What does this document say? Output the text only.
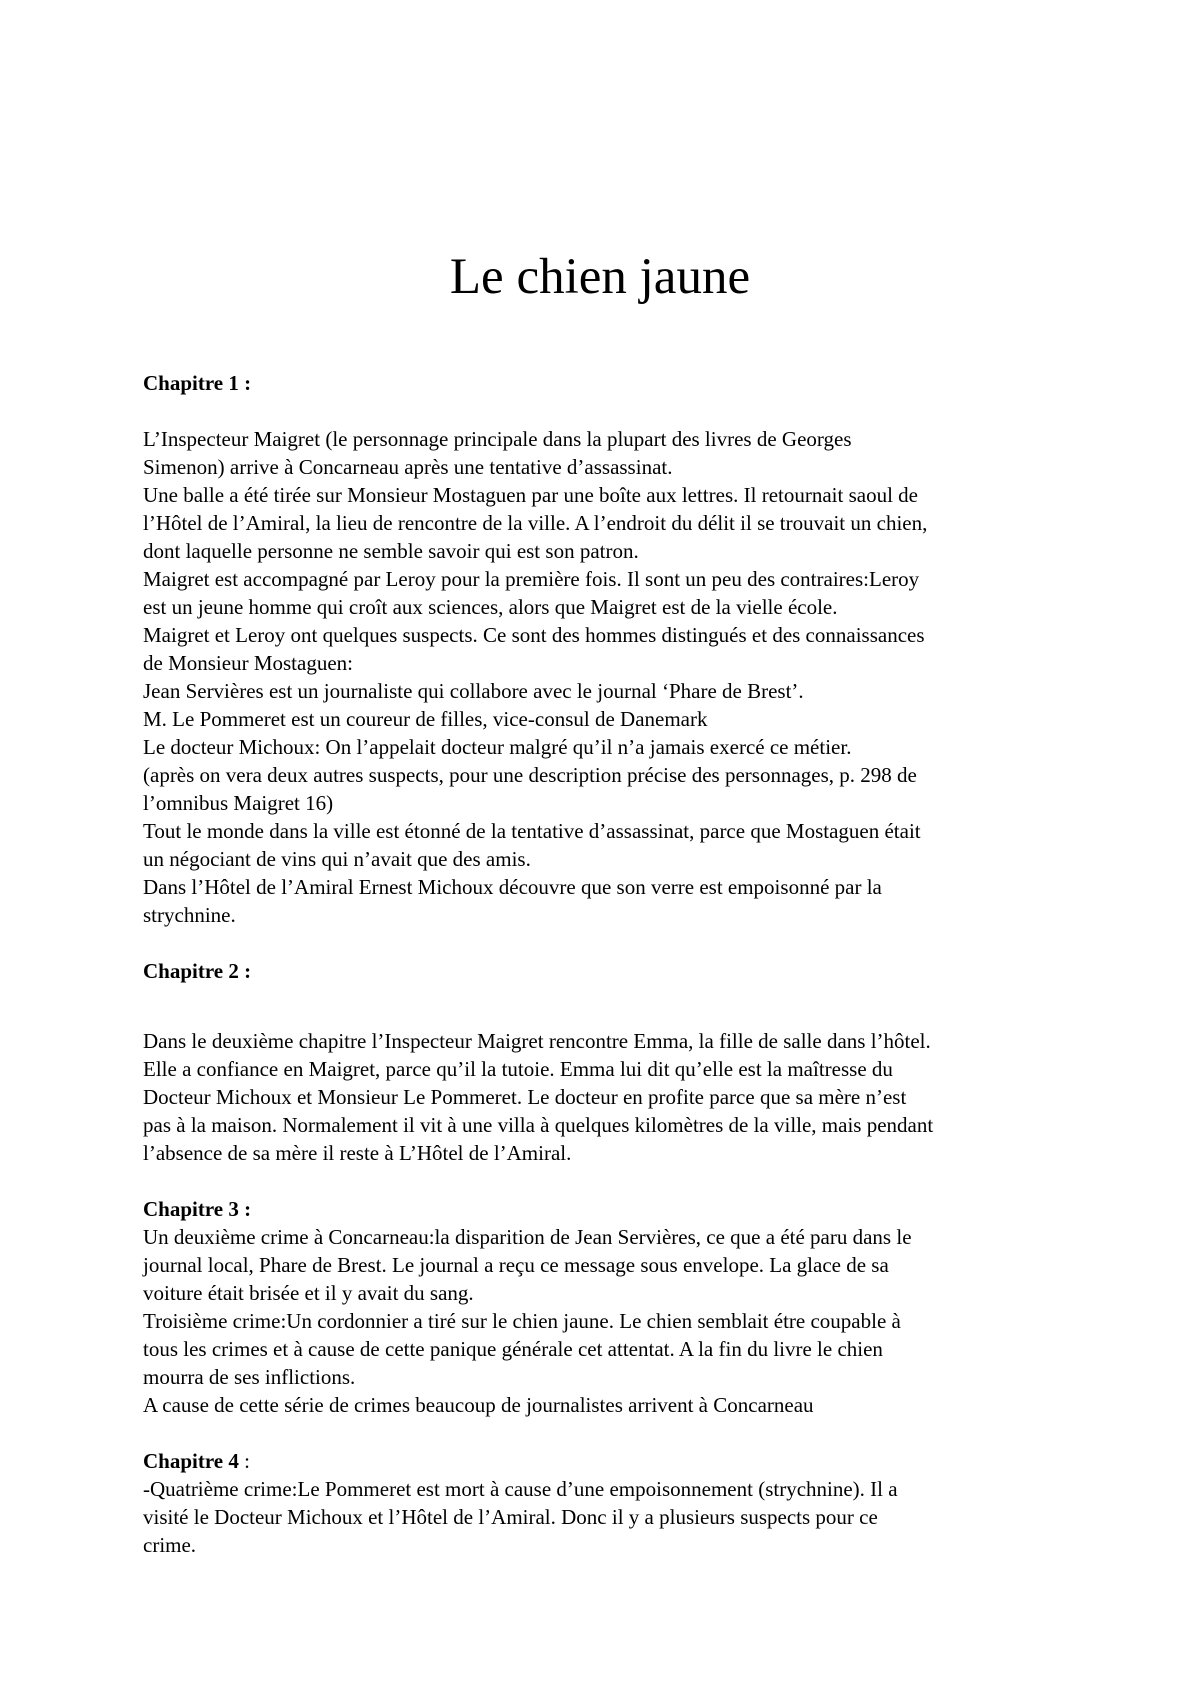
Le chien jaune
Chapitre 1 :
L’Inspecteur Maigret (le personnage principale dans la plupart des livres de Georges
Simenon) arrive à Concarneau après une tentative d’assassinat.
Une balle a été tirée sur Monsieur Mostaguen par une boîte aux lettres. Il retournait saoul de
l’Hôtel de l’Amiral, la lieu de rencontre de la ville. A l’endroit du délit il se trouvait un chien,
dont laquelle personne ne semble savoir qui est son patron.
Maigret est accompagné par Leroy pour la première fois. Il sont un peu des contraires:Leroy
est un jeune homme qui croît aux sciences, alors que Maigret est de la vielle école.
Maigret et Leroy ont quelques suspects. Ce sont des hommes distingués et des connaissances
de Monsieur Mostaguen:
Jean Servières est un journaliste qui collabore avec le journal ‘Phare de Brest’.
M. Le Pommeret est un coureur de filles, vice-consul de Danemark
Le docteur Michoux: On l’appelait docteur malgré qu’il n’a jamais exercé ce métier.
(après on vera deux autres suspects, pour une description précise des personnages, p. 298 de
l’omnibus Maigret 16)
Tout le monde dans la ville est étonné de la tentative d’assassinat, parce que Mostaguen était
un négociant de vins qui n’avait que des amis.
Dans l’Hôtel de l’Amiral Ernest Michoux découvre que son verre est empoisonné par la
strychnine.
Chapitre 2 :
Dans le deuxième chapitre l’Inspecteur Maigret rencontre Emma, la fille de salle dans l’hôtel.
Elle a confiance en Maigret, parce qu’il la tutoie. Emma lui dit qu’elle est la maîtresse du
Docteur Michoux et Monsieur Le Pommeret. Le docteur en profite parce que sa mère n’est
pas à la maison. Normalement il vit à une villa à quelques kilomètres de la ville, mais pendant
l’absence de sa mère il reste à L’Hôtel de l’Amiral.
Chapitre 3 :
Un deuxième crime à Concarneau:la disparition de Jean Servières, ce que a été paru dans le
journal local, Phare de Brest. Le journal a reçu ce message sous envelope. La glace de sa
voiture était brisée et il y avait du sang.
Troisième crime:Un cordonnier a tiré sur le chien jaune. Le chien semblait étre coupable à
tous les crimes et à cause de cette panique générale cet attentat. A la fin du livre le chien
mourra de ses inflictions.
A cause de cette série de crimes beaucoup de journalistes arrivent à Concarneau
Chapitre 4 :
-Quatrième crime:Le Pommeret est mort à cause d’une empoisonnement (strychnine). Il a
visité le Docteur Michoux et l’Hôtel de l’Amiral. Donc il y a plusieurs suspects pour ce
crime.
